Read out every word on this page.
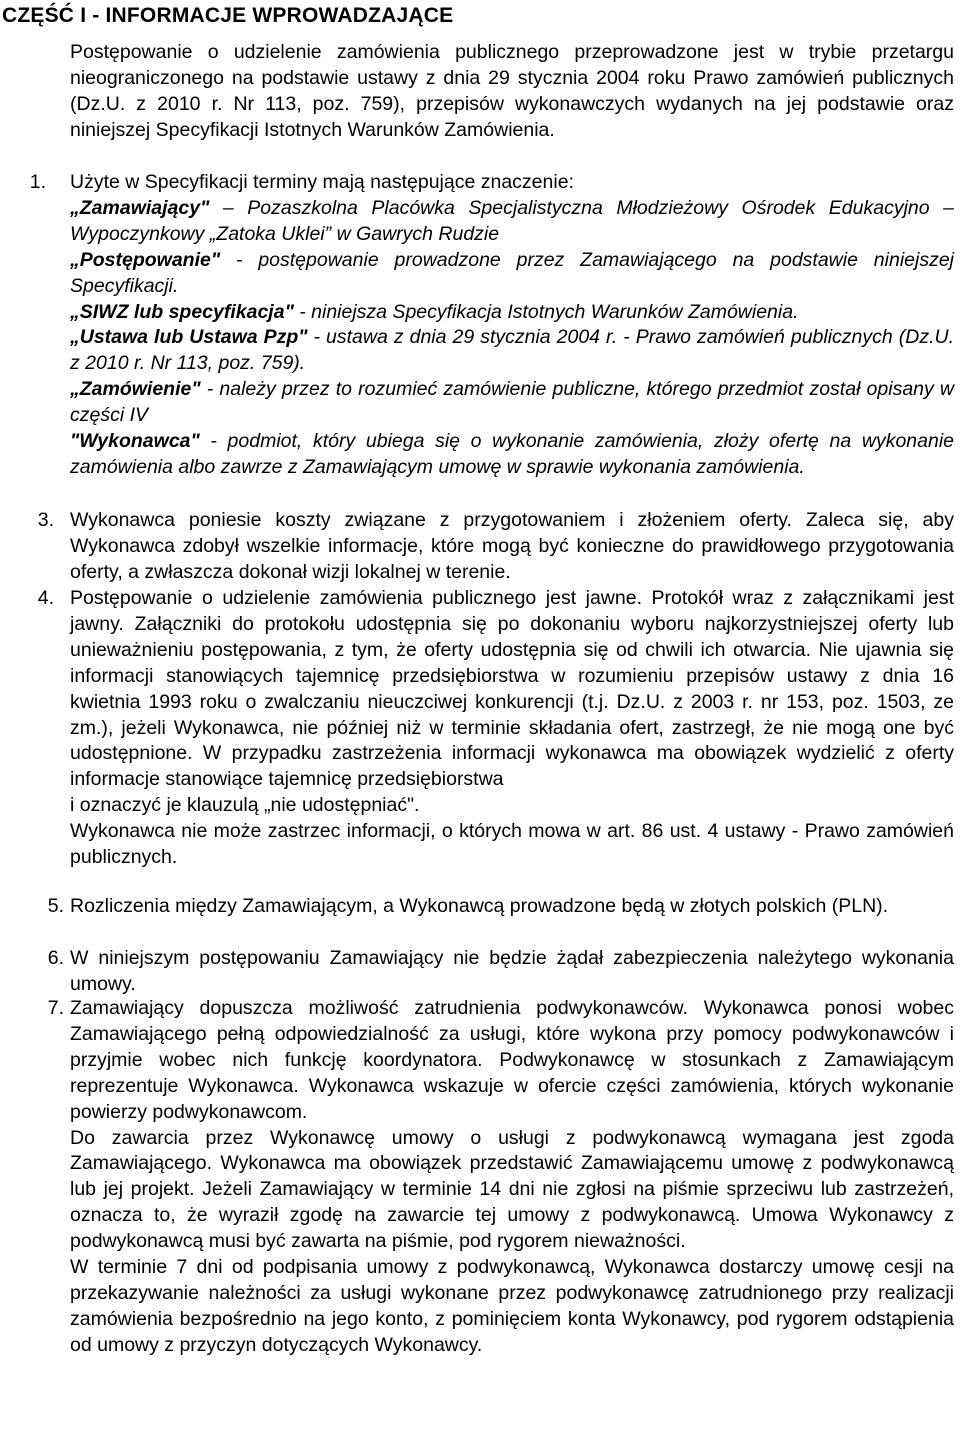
CZĘŚĆ I - INFORMACJE WPROWADZAJĄCE
Postępowanie o udzielenie zamówienia publicznego przeprowadzone jest w trybie przetargu nieograniczonego na podstawie ustawy z dnia 29 stycznia 2004 roku Prawo zamówień publicznych (Dz.U. z 2010 r. Nr 113, poz. 759), przepisów wykonawczych wydanych na jej podstawie oraz niniejszej Specyfikacji Istotnych Warunków Zamówienia.
1. Użyte w Specyfikacji terminy mają następujące znaczenie:

„Zamawiający" – Pozaszkolna Placówka Specjalistyczna Młodzieżowy Ośrodek Edukacyjno – Wypoczynkowy „Zatoka Uklei” w Gawrych Rudzie

„Postępowanie" - postępowanie prowadzone przez Zamawiającego na podstawie niniejszej Specyfikacji.

„SIWZ lub specyfikacja" - niniejsza Specyfikacja Istotnych Warunków Zamówienia.

„Ustawa lub Ustawa Pzp" - ustawa z dnia 29 stycznia 2004 r. - Prawo zamówień publicznych (Dz.U. z 2010 r. Nr 113, poz. 759).

„Zamówienie" - należy przez to rozumieć zamówienie publiczne, którego przedmiot został opisany w części IV

"Wykonawca" - podmiot, który ubiega się o wykonanie zamówienia, złoży ofertę na wykonanie zamówienia albo zawrze z Zamawiającym umowę w sprawie wykonania zamówienia.

3. Wykonawca poniesie koszty związane z przygotowaniem i złożeniem oferty. Zaleca się, aby Wykonawca zdobył wszelkie informacje, które mogą być konieczne do prawidłowego przygotowania oferty, a zwłaszcza dokonał wizji lokalnej w terenie.
4. Postępowanie o udzielenie zamówienia publicznego jest jawne. Protokół wraz z załącznikami jest jawny. Załączniki do protokołu udostępnia się po dokonaniu wyboru najkorzystniejszej oferty lub unieważnieniu postępowania, z tym, że oferty udostępnia się od chwili ich otwarcia. Nie ujawnia się informacji stanowiących tajemnicę przedsiębiorstwa w rozumieniu przepisów ustawy z dnia 16 kwietnia 1993 roku o zwalczaniu nieuczciwej konkurencji (t.j. Dz.U. z 2003 r. nr 153, poz. 1503, ze zm.), jeżeli Wykonawca, nie później niż w terminie składania ofert, zastrzegł, że nie mogą one być udostępnione. W przypadku zastrzeżenia informacji wykonawca ma obowiązek wydzielić z oferty informacje stanowiące tajemnicę przedsiębiorstwa

i oznaczyć je klauzulą „nie udostępniać".

Wykonawca nie może zastrzec informacji, o których mowa w art. 86 ust. 4 ustawy - Prawo zamówień publicznych.

5. Rozliczenia między Zamawiającym, a Wykonawcą prowadzone będą w złotych polskich (PLN).
6. W niniejszym postępowaniu Zamawiający nie będzie żądał zabezpieczenia należytego wykonania umowy.
7. Zamawiający dopuszcza możliwość zatrudnienia podwykonawców. Wykonawca ponosi wobec Zamawiającego pełną odpowiedzialność za usługi, które wykona przy pomocy podwykonawców i przyjmie wobec nich funkcję koordynatora. Podwykonawcę w stosunkach z Zamawiającym reprezentuje Wykonawca. Wykonawca wskazuje w ofercie części zamówienia, których wykonanie powierzy podwykonawcom.

Do zawarcia przez Wykonawcę umowy o usługi z podwykonawcą wymagana jest zgoda Zamawiającego. Wykonawca ma obowiązek przedstawić Zamawiającemu umowę z podwykonawcą lub jej projekt. Jeżeli Zamawiający w terminie 14 dni nie zgłosi na piśmie sprzeciwu lub zastrzeżeń, oznacza to, że wyraził zgodę na zawarcie tej umowy z podwykonawcą. Umowa Wykonawcy z podwykonawcą musi być zawarta na piśmie, pod rygorem nieważności.

W terminie 7 dni od podpisania umowy z podwykonawcą, Wykonawca dostarczy umowę cesji na przekazywanie należności za usługi wykonane przez podwykonawcę zatrudnionego przy realizacji zamówienia bezpośrednio na jego konto, z pominięciem konta Wykonawcy, pod rygorem odstąpienia od umowy z przyczyn dotyczących Wykonawcy.
